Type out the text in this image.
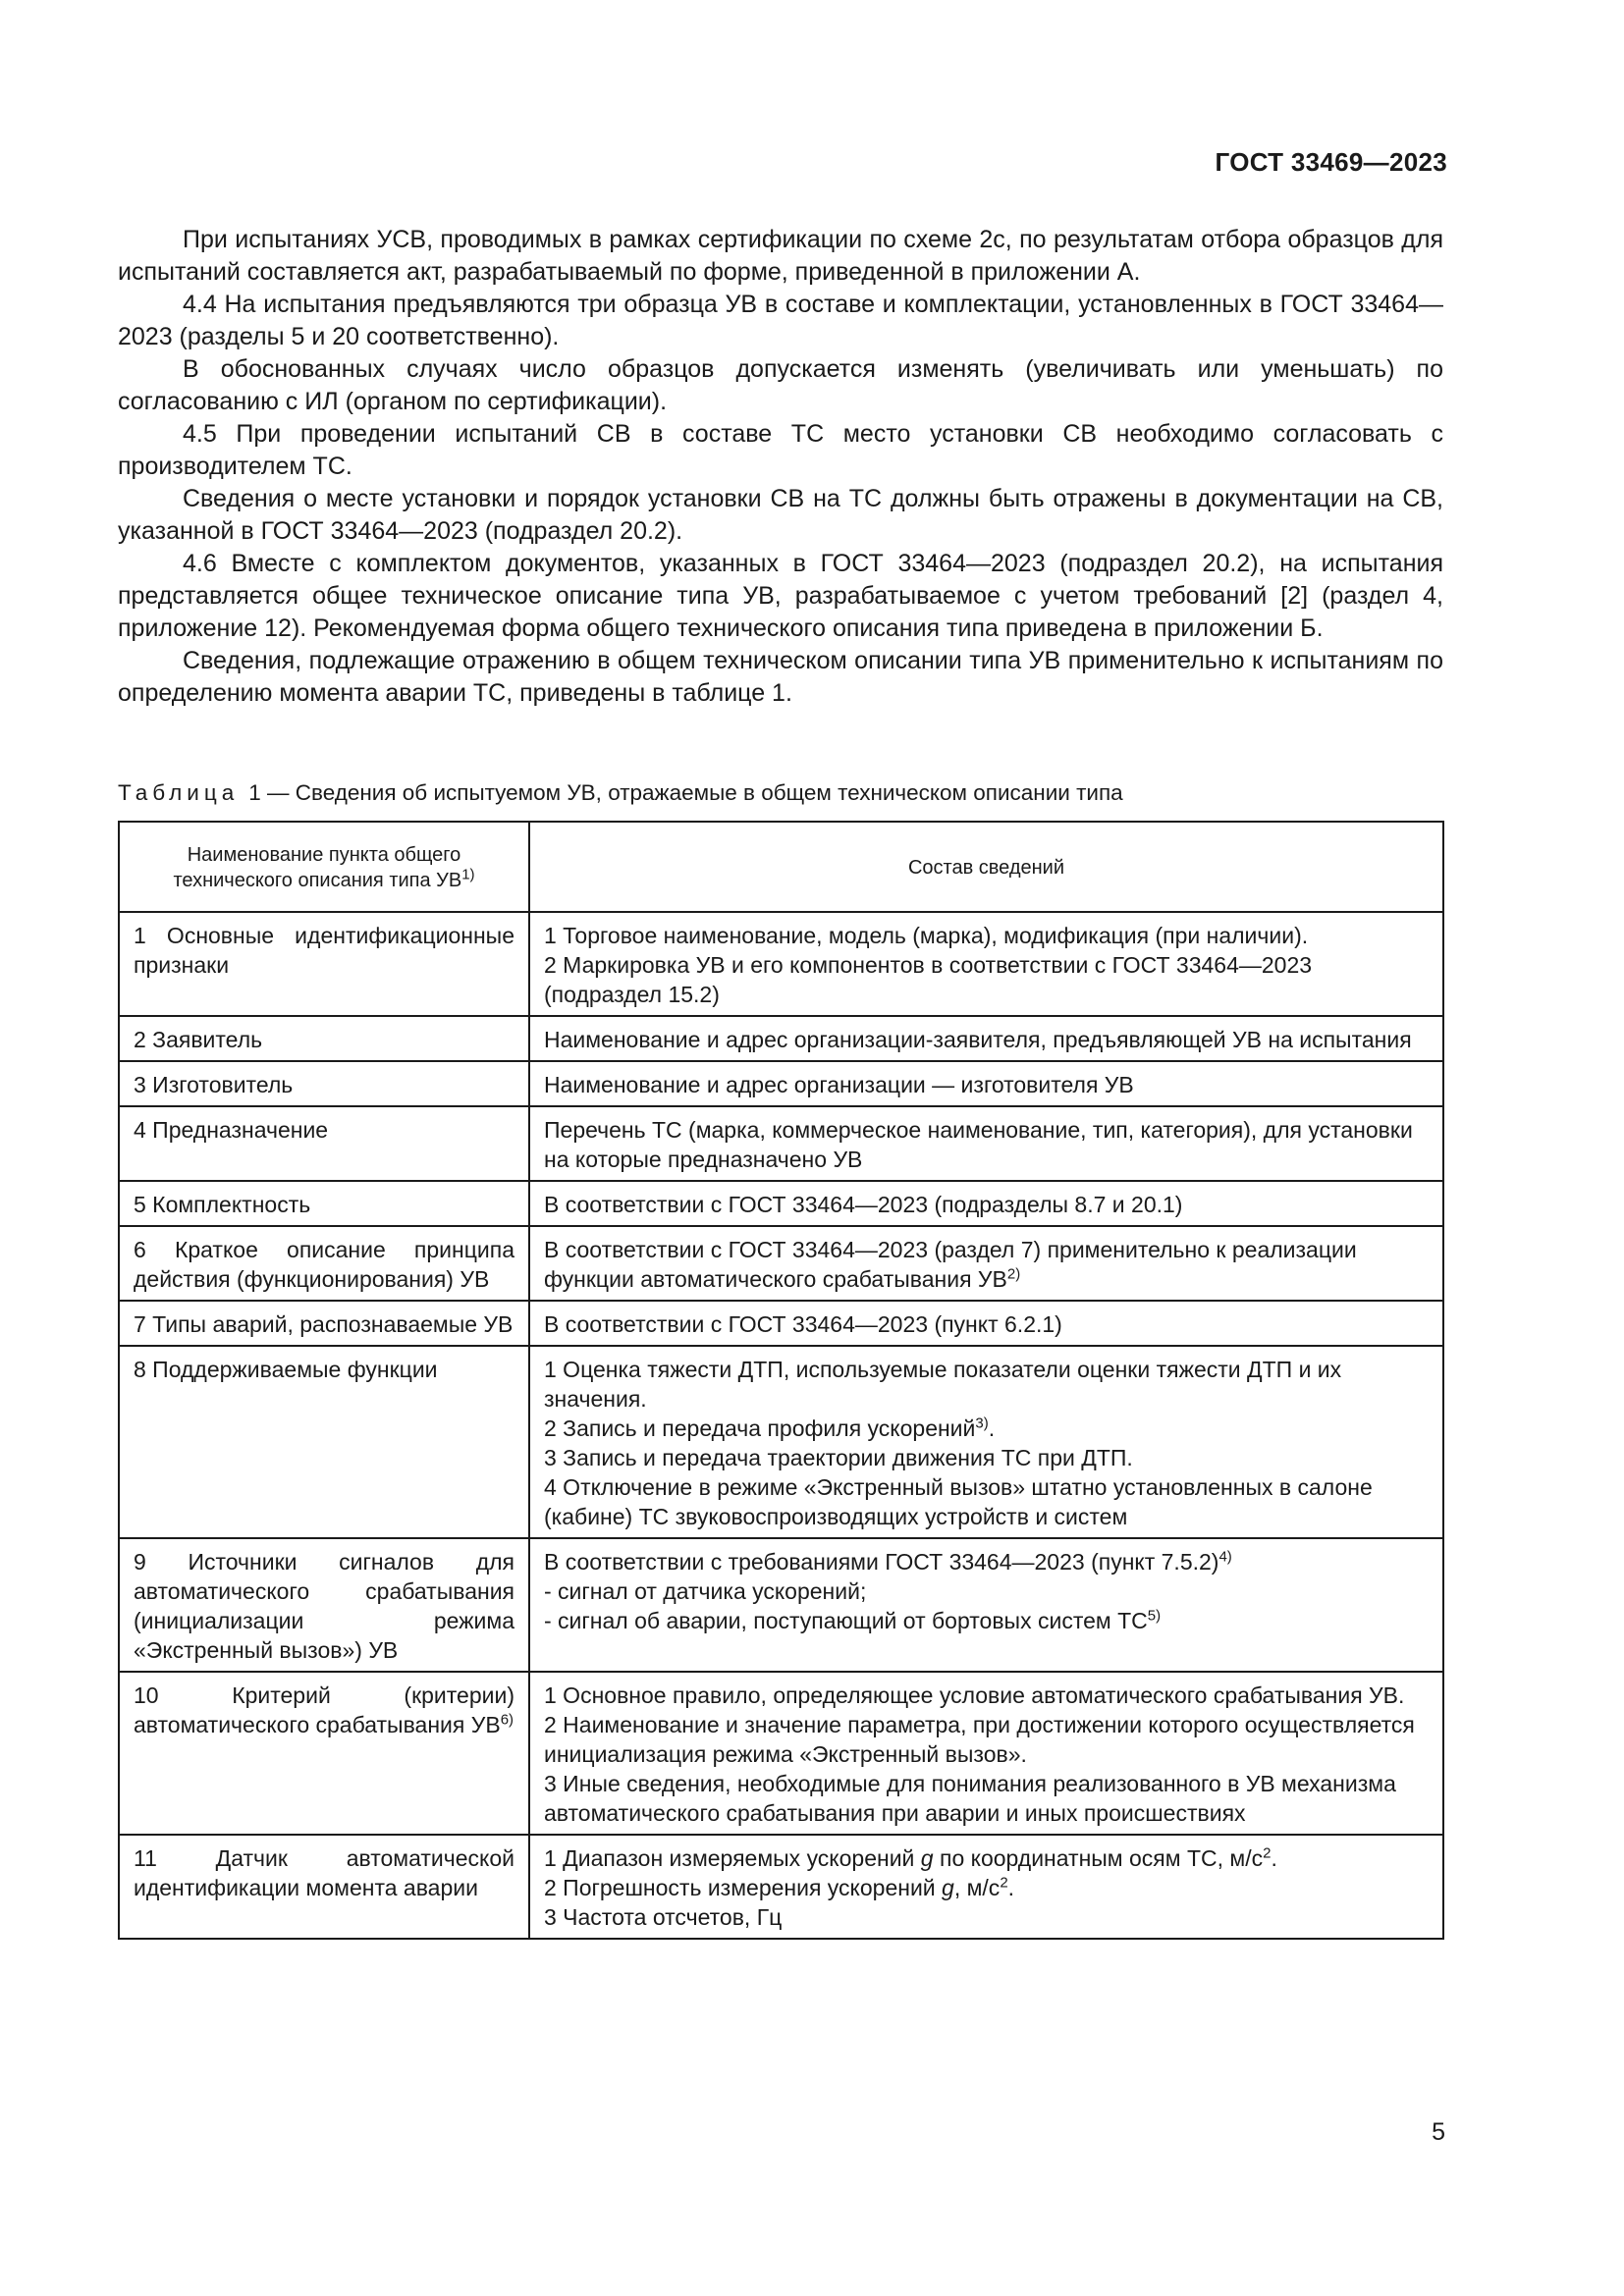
ГОСТ 33469—2023

При испытаниях УСВ, проводимых в рамках сертификации по схеме 2с, по результатам отбора образцов для испытаний составляется акт, разрабатываемый по форме, приведенной в приложении А.

4.4 На испытания предъявляются три образца УВ в составе и комплектации, установленных в ГОСТ 33464—2023 (разделы 5 и 20 соответственно).

В обоснованных случаях число образцов допускается изменять (увеличивать или уменьшать) по согласованию с ИЛ (органом по сертификации).

4.5 При проведении испытаний СВ в составе ТС место установки СВ необходимо согласовать с производителем ТС.

Сведения о месте установки и порядок установки СВ на ТС должны быть отражены в документации на СВ, указанной в ГОСТ 33464—2023 (подраздел 20.2).

4.6 Вместе с комплектом документов, указанных в ГОСТ 33464—2023 (подраздел 20.2), на испытания представляется общее техническое описание типа УВ, разрабатываемое с учетом требований [2] (раздел 4, приложение 12). Рекомендуемая форма общего технического описания типа приведена в приложении Б.

Сведения, подлежащие отражению в общем техническом описании типа УВ применительно к испытаниям по определению момента аварии ТС, приведены в таблице 1.

Таблица 1 — Сведения об испытуемом УВ, отражаемые в общем техническом описании типа
Наименование пункта общего технического описания типа УВ$^{1)}$	Состав сведений
1 Основные идентификационные признаки	1 Торговое наименование, модель (марка), модификация (при наличии).
2 Маркировка УВ и его компонентов в соответствии с ГОСТ 33464—2023 (подраздел 15.2)

2 Заявитель	Наименование и адрес организации-заявителя, предъявляющей УВ на испытания

3 Изготовитель	Наименование и адрес организации — изготовителя УВ

4 Предназначение	Перечень ТС (марка, коммерческое наименование, тип, категория), для установки на которые предназначено УВ

5 Комплектность	В соответствии с ГОСТ 33464—2023 (подразделы 8.7 и 20.1)

6 Краткое описание принципа действия (функционирования) УВ	В соответствии с ГОСТ 33464—2023 (раздел 7) применительно к реализации функции автоматического срабатывания УВ$^{2)}$

7 Типы аварий, распознаваемые УВ	В соответствии с ГОСТ 33464—2023 (пункт 6.2.1)

8 Поддерживаемые функции	1 Оценка тяжести ДТП, используемые показатели оценки тяжести ДТП и их значения.
2 Запись и передача профиля ускорений$^{3)}$.
3 Запись и передача траектории движения ТС при ДТП.
4 Отключение в режиме «Экстренный вызов» штатно установленных в салоне (кабине) ТС звуковоспроизводящих устройств и систем

9 Источники сигналов для автоматического срабатывания (инициализации режима «Экстренный вызов») УВ	В соответствии с требованиями ГОСТ 33464—2023 (пункт 7.5.2)$^{4)}$
- сигнал от датчика ускорений;
- сигнал об аварии, поступающий от бортовых систем ТС$^{5)}$

10 Критерий (критерии) автоматического срабатывания УВ$^{6)}$	1 Основное правило, определяющее условие автоматического срабатывания УВ.
2 Наименование и значение параметра, при достижении которого осуществляется инициализация режима «Экстренный вызов».
3 Иные сведения, необходимые для понимания реализованного в УВ механизма автоматического срабатывания при аварии и иных происшествиях

11 Датчик автоматической идентификации момента аварии	1 Диапазон измеряемых ускорений g по координатным осям ТС, $м/с^2$.
2 Погрешность измерения ускорений g, $м/с^2$.
3 Частота отсчетов, Гц
5
